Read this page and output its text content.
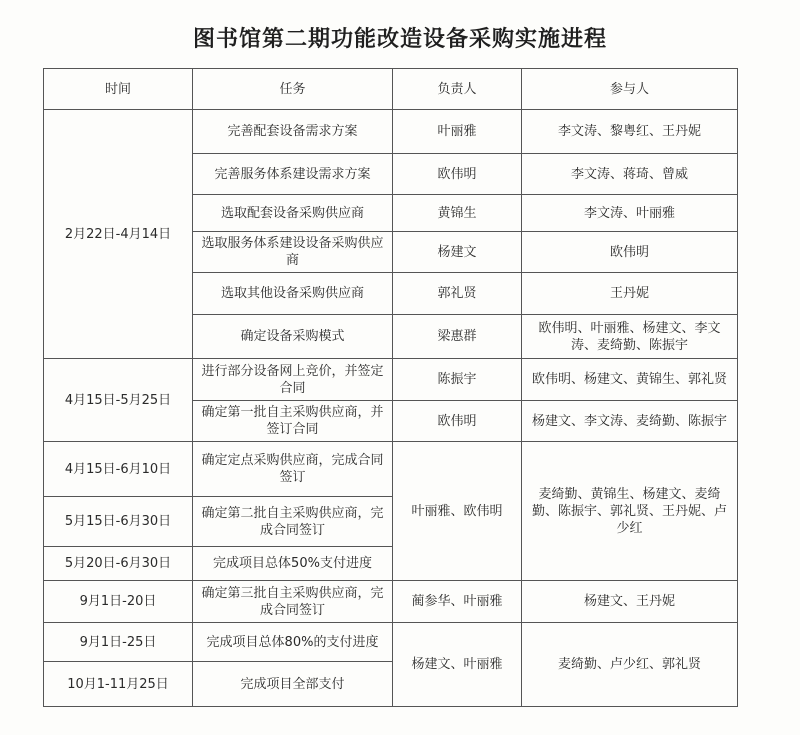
图书馆第二期功能改造设备采购实施进程
时间	任务	负责人	参与人
2月22日-4月14日	完善配套设备需求方案	叶丽雅	李文涛、黎粤红、王丹妮
	完善服务体系建设需求方案	欧伟明	李文涛、蒋琦、曾威
	选取配套设备采购供应商	黄锦生	李文涛、叶丽雅
	选取服务体系建设设备采购供应商	杨建文	欧伟明
	选取其他设备采购供应商	郭礼贤	王丹妮
	确定设备采购模式	梁惠群	欧伟明、叶丽雅、杨建文、李文涛、麦绮勤、陈振宇
4月15日-5月25日	进行部分设备网上竞价，并签定合同	陈振宇	欧伟明、杨建文、黄锦生、郭礼贤
	确定第一批自主采购供应商，并签订合同	欧伟明	杨建文、李文涛、麦绮勤、陈振宇
4月15日-6月10日	确定定点采购供应商，完成合同签订	叶丽雅、欧伟明	麦绮勤、黄锦生、杨建文、麦绮勤、陈振宇、郭礼贤、王丹妮、卢少红
5月15日-6月30日	确定第二批自主采购供应商，完成合同签订		
5月20日-6月30日	完成项目总体50%支付进度		
9月1日-20日	确定第三批自主采购供应商，完成合同签订	蔺参华、叶丽雅	杨建文、王丹妮
9月1日-25日	完成项目总体80%的支付进度	杨建文、叶丽雅	麦绮勤、卢少红、郭礼贤
10月1-11月25日	完成项目全部支付		
